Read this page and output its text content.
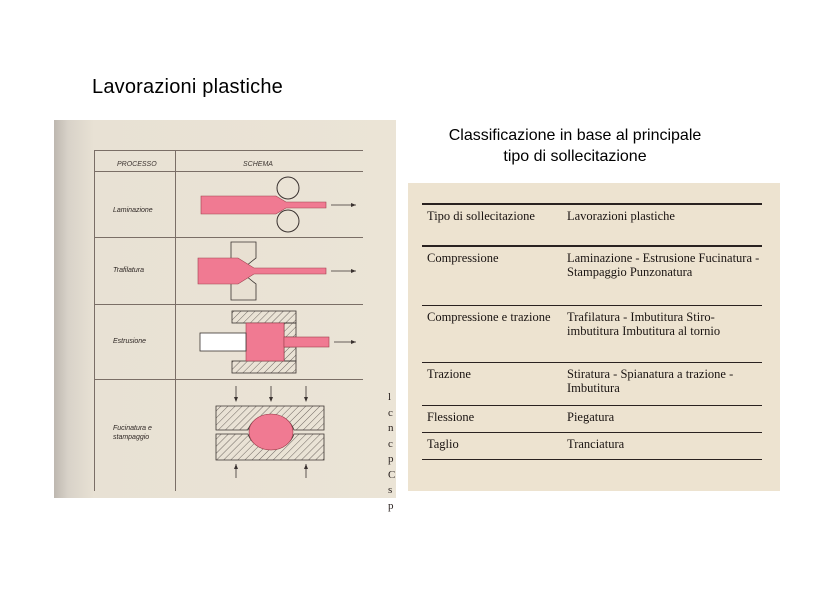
Lavorazioni plastiche
Classificazione in base al principale
tipo di sollecitazione
PROCESSO	SCHEMA
Laminazione
Trafilatura
Estrusione
Fucinatura e stampaggio
l
c
n
c
p
C
s
p
Tipo di sollecitazione	Lavorazioni plastiche
Compressione	Laminazione - Estrusione Fucinatura - Stampaggio Punzonatura
Compressione e trazione	Trafilatura - Imbutitura Stiro-imbutitura Imbutitura al tornio
Trazione	Stiratura - Spianatura a trazione - Imbutitura
Flessione	Piegatura
Taglio	Tranciatura
